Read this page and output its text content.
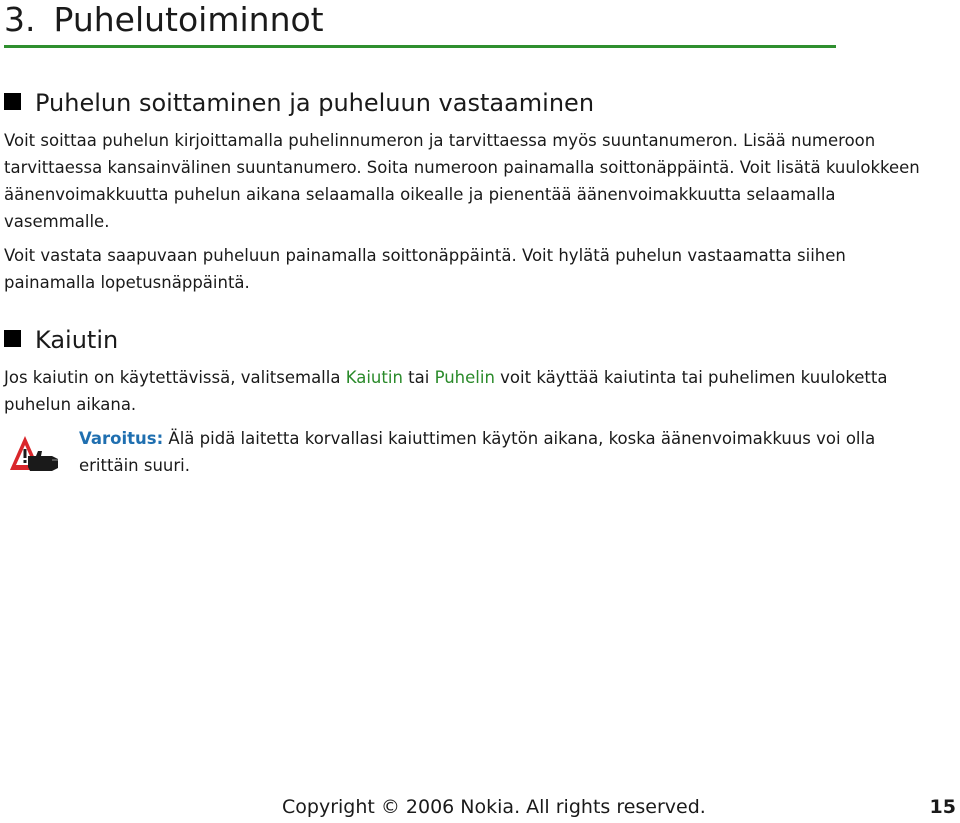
3. Puhelutoiminnot
Puhelun soittaminen ja puheluun vastaaminen

Voit soittaa puhelun kirjoittamalla puhelinnumeron ja tarvittaessa myös suuntanumeron. Lisää numeroon tarvittaessa kansainvälinen suuntanumero. Soita numeroon painamalla soittonäppäintä. Voit lisätä kuulokkeen äänenvoimakkuutta puhelun aikana selaamalla oikealle ja pienentää äänenvoimakkuutta selaamalla vasemmalle.

Voit vastata saapuvaan puheluun painamalla soittonäppäintä. Voit hylätä puhelun vastaamatta siihen painamalla lopetusnäppäintä.

Kaiutin

Jos kaiutin on käytettävissä, valitsemalla Kaiutin tai Puhelin voit käyttää kaiutinta tai puhelimen kuuloketta puhelun aikana.

Varoitus: Älä pidä laitetta korvallasi kaiuttimen käytön aikana, koska äänenvoimakkuus voi olla erittäin suuri.

Copyright © 2006 Nokia. All rights reserved.	15
